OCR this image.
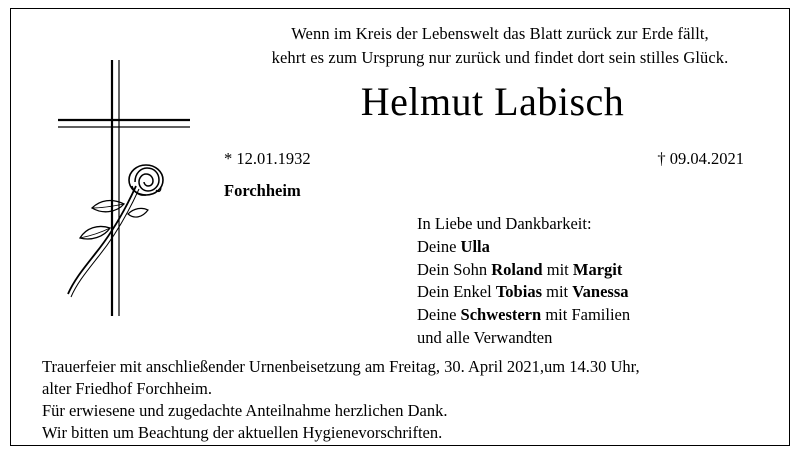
Wenn im Kreis der Lebenswelt das Blatt zurück zur Erde fällt,
kehrt es zum Ursprung nur zurück und findet dort sein stilles Glück.
Helmut Labisch
* 12.01.1932	† 09.04.2021
Forchheim
In Liebe und Dankbarkeit:
Deine Ulla
Dein Sohn Roland mit Margit
Dein Enkel Tobias mit Vanessa
Deine Schwestern mit Familien
und alle Verwandten
Trauerfeier mit anschließender Urnenbeisetzung am Freitag, 30. April 2021,um 14.30 Uhr,
alter Friedhof Forchheim.
Für erwiesene und zugedachte Anteilnahme herzlichen Dank.
Wir bitten um Beachtung der aktuellen Hygienevorschriften.
